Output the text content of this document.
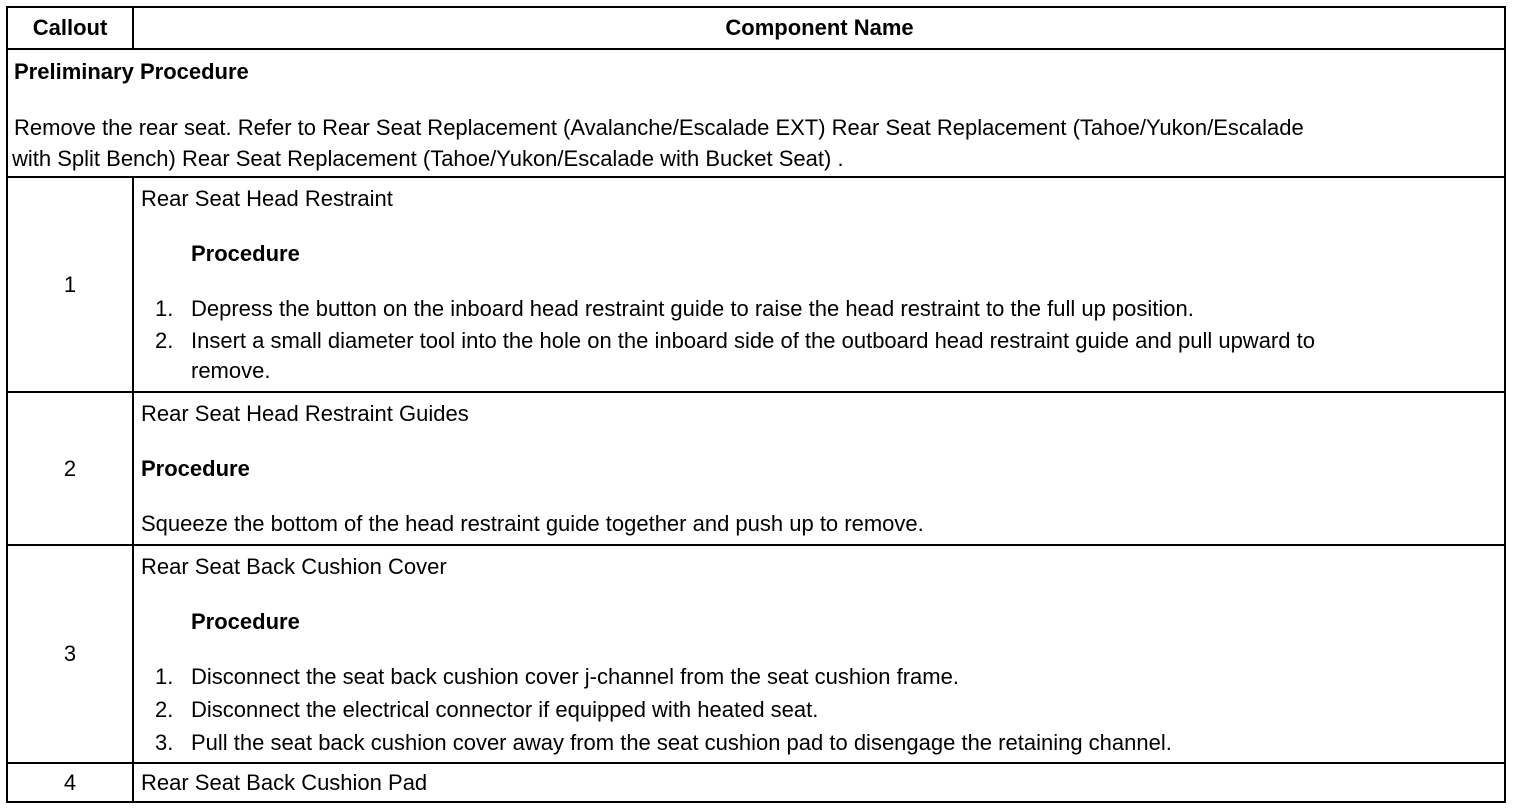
Callout	Component Name
Preliminary Procedure
Remove the rear seat. Refer to Rear Seat Replacement (Avalanche/Escalade EXT) Rear Seat Replacement (Tahoe/Yukon/Escalade
with Split Bench) Rear Seat Replacement (Tahoe/Yukon/Escalade with Bucket Seat) .
1
Rear Seat Head Restraint
Procedure
1. Depress the button on the inboard head restraint guide to raise the head restraint to the full up position.
2. Insert a small diameter tool into the hole on the inboard side of the outboard head restraint guide and pull upward to
remove.
2
Rear Seat Head Restraint Guides
Procedure
Squeeze the bottom of the head restraint guide together and push up to remove.
3
Rear Seat Back Cushion Cover
Procedure
1. Disconnect the seat back cushion cover j-channel from the seat cushion frame.
2. Disconnect the electrical connector if equipped with heated seat.
3. Pull the seat back cushion cover away from the seat cushion pad to disengage the retaining channel.
4	Rear Seat Back Cushion Pad
